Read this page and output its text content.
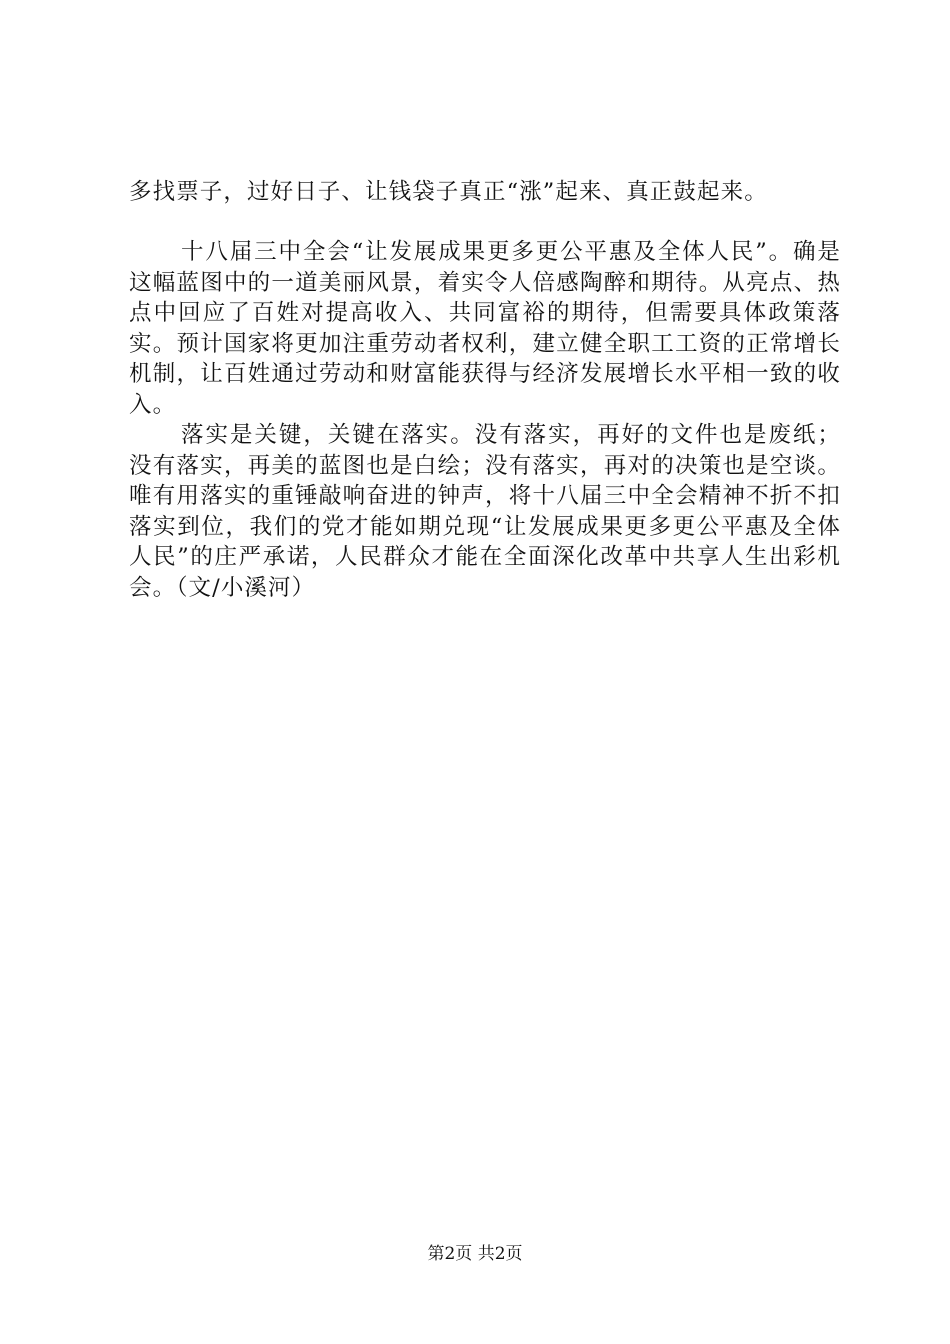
多找票子，过好日子、让钱袋子真正“涨”起来、真正鼓起来。

十八届三中全会“让发展成果更多更公平惠及全体人民”。确是这幅蓝图中的一道美丽风景，着实令人倍感陶醉和期待。从亮点、热点中回应了百姓对提高收入、共同富裕的期待，但需要具体政策落实。预计国家将更加注重劳动者权利，建立健全职工工资的正常增长机制，让百姓通过劳动和财富能获得与经济发展增长水平相一致的收入。

落实是关键，关键在落实。没有落实，再好的文件也是废纸；没有落实，再美的蓝图也是白绘；没有落实，再对的决策也是空谈。唯有用落实的重锤敲响奋进的钟声，将十八届三中全会精神不折不扣落实到位，我们的党才能如期兑现“让发展成果更多更公平惠及全体人民”的庄严承诺，人民群众才能在全面深化改革中共享人生出彩机会。（文/小溪河）

第2页 共2页
